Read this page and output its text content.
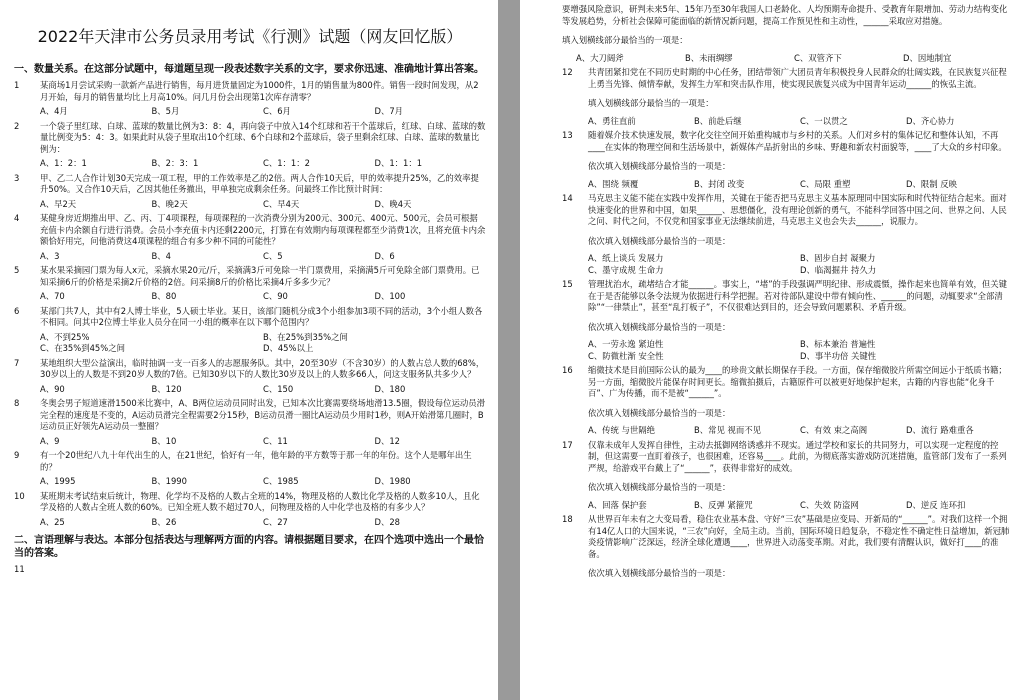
2022年天津市公务员录用考试《行测》试题（网友回忆版）
一、数量关系。在这部分试题中，每道题呈现一段表述数字关系的文字，要求你迅速、准确地计算出答案。
1	某商场1月尝试采购一款新产品进行销售，每月进货量固定为1000件，1月的销售量为800件。销售一段时间发现，从2月开始，每月的销售量均比上月高10%。问几月份会出现第1次库存清零？
A、4月	B、5月	C、6月	D、7月
2	一个袋子里红球、白球、蓝球的数量比例为3：8：4，再向袋子中放入14个红球和若干个蓝球后，红球、白球、蓝球的数量比例变为5：4：3。如果此时从袋子里取出10个红球、6个白球和2个蓝球后，袋子里剩余红球、白球、蓝球的数量比例为：
A、1：2：1	B、2：3：1	C、1：1：2	D、1：1：1
3	甲、乙二人合作计划30天完成一项工程，甲的工作效率是乙的2倍。两人合作10天后，甲的效率提升25%，乙的效率提升50%。又合作10天后，乙因其他任务撤出，甲单独完成剩余任务。问最终工作比预计时间：
A、早2天	B、晚2天	C、早4天	D、晚4天
4	某健身房近期推出甲、乙、丙、丁4项课程，每项课程的一次消费分别为200元、300元、400元、500元，会员可根据充值卡内余额自行进行消费。会员小李充值卡内还剩2200元，打算在有效期内每项课程都至少消费1次，且将充值卡内余额恰好用完，问他消费这4项课程的组合有多少种不同的可能性？
A、3	B、4	C、5	D、6
5	某水果采摘园门票为每人x元，采摘水果20元/斤，采摘满3斤可免除一半门票费用，采摘满5斤可免除全部门票费用。已知采摘6斤的价格是采摘2斤价格的2倍。问采摘8斤的价格比采摘4斤多多少元？
A、70	B、80	C、90	D、100
6	某部门共7人，其中有2人博士毕业，5人硕士毕业。某日，该部门随机分成3个小组参加3项不同的活动，3个小组人数各不相同。问其中2位博士毕业人员分在同一小组的概率在以下哪个范围内？
A、不到25%	B、在25%到35%之间
C、在35%到45%之间	D、45%以上
7	某地组织大型公益演出，临时抽调一支一百多人的志愿服务队。其中，20至30岁（不含30岁）的人数占总人数的68%，30岁以上的人数是不到20岁人数的7倍。已知30岁以下的人数比30岁及以上的人数多66人，问这支服务队共多少人？
A、90	B、120	C、150	D、180
8	冬奥会男子短道速滑1500米比赛中，A、B两位运动员同时出发，已知本次比赛需要绕场地滑13.5圈，假设每位运动员滑完全程的速度是不变的，A运动员滑完全程需要2分15秒，B运动员滑一圈比A运动员少用时1秒，则A开始滑第几圈时，B运动员正好领先A运动员一整圈？
A、9	B、10	C、11	D、12
9	有一个20世纪八九十年代出生的人，在21世纪，恰好有一年，他年龄的平方数等于那一年的年份。这个人是哪年出生的？
A、1995	B、1990	C、1985	D、1980
10	某班期末考试结束后统计，物理、化学均不及格的人数占全班的14%，物理及格的人数比化学及格的人数多10人，且化学及格的人数占全班人数的60%。已知全班人数不超过70人，问物理及格的人中化学也及格的有多少人？
A、25	B、26	C、27	D、28
二、言语理解与表达。本部分包括表达与理解两方面的内容。请根据题目要求，在四个选项中选出一个最恰当的答案。
11
要增强风险意识，研判未来5年、15年乃至30年我国人口老龄化、人均预期寿命提升、受教育年限增加、劳动力结构变化等发展趋势，分析社会保障可能面临的新情况新问题，提高工作预见性和主动性，______采取应对措施。
填入划横线部分最恰当的一项是：
A、大刀阔斧	B、未雨绸缪	C、双管齐下	D、因地制宜
12	共青团紧扣党在不同历史时期的中心任务，团结带领广大团员青年积极投身人民群众的壮阔实践，在民族复兴征程上勇当先锋、倾情奉献，发挥生力军和突击队作用，使实现民族复兴成为中国青年运动______的恢弘主流。
填入划横线部分最恰当的一项是：
A、勇往直前	B、前赴后继	C、一以贯之	D、齐心协力
13	随着媒介技术快速发展，数字化交往空间开始重构城市与乡村的关系。人们对乡村的集体记忆和整体认知，不再____在实体的物理空间和生活场景中，新媒体产品折射出的乡味、野趣和新农村面貌等，____了大众的乡村印象。
依次填入划横线部分最恰当的一项是：
A、围绕 频覆	B、封闭 改变	C、局限 重塑	D、限制 反映
14	马克思主义能不能在实践中发挥作用，关键在于能否把马克思主义基本原理同中国实际和时代特征结合起来。面对快速变化的世界和中国，如果______、思想僵化，没有理论创新的勇气，不能科学回答中国之问、世界之问、人民之问、时代之问，不仅党和国家事业无法继续前进，马克思主义也会失去______，说服力。
依次填入划横线部分最恰当的一项是：
A、纸上谈兵 发展力	B、固步自封 凝聚力
C、墨守成规 生命力	D、临渴掘井 持久力
15	管理扰治水，疏堵结合才能______。事实上，“堵”的手段强调严明纪律、形成震慑，操作起来也简单有效，但关键在于是否能够以条令法规为依据进行科学把握。若对待部队建设中带有倾向性、______的问题，动辄要求“全部清除”“一律禁止”，甚至“乱打板子”，不仅很难达到目的，还会导致问题累积、矛盾升级。
依次填入划横线部分最恰当的一项是：
A、一劳永逸 紧迫性	B、标本兼治 普遍性
C、防微杜渐 安全性	D、事半功倍 关键性
16	缩微技术是目前国际公认的最为____的珍贵文献长期保存手段。一方面，保存缩微胶片所需空间远小于纸质书籍；另一方面，缩微胶片能保存时间更长。缩微拍摄后，古籍原件可以被更好地保护起来，古籍的内容也能“化身千百”、广为传播，而不是被“______”。
依次填入划横线部分最恰当的一项是：
A、传统 与世隔绝	B、常见 视而不见	C、有效 束之高阁	D、流行 路难重各
17	仅靠未成年人发挥自律性，主动去抵御网络诱惑并不现实。通过学校和家长的共同努力，可以实现一定程度的控制，但这需要一直盯着孩子，也很困难，还容易____。此前，为彻底落实游戏防沉迷措施，监管部门发布了一系列严规，给游戏平台戴上了“______”，获得非常好的成效。
依次填入划横线部分最恰当的一项是：
A、回落 保护套	B、反弹 紧箍咒	C、失效 防盗网	D、逆反 连环扣
18	从世界百年未有之大变局看，稳住农业基本盘、守好“三农”基础是应变局、开新局的“______”。对我们这样一个拥有14亿人口的大国来说，“三农”向好，全局主动。当前，国际环境日趋复杂，不稳定性不确定性日益增加，新冠肺炎疫情影响广泛深远，经济全球化遭遇____，世界进入动荡变革期。对此，我们要有清醒认识，做好打____的准备。
依次填入划横线部分最恰当的一项是：
